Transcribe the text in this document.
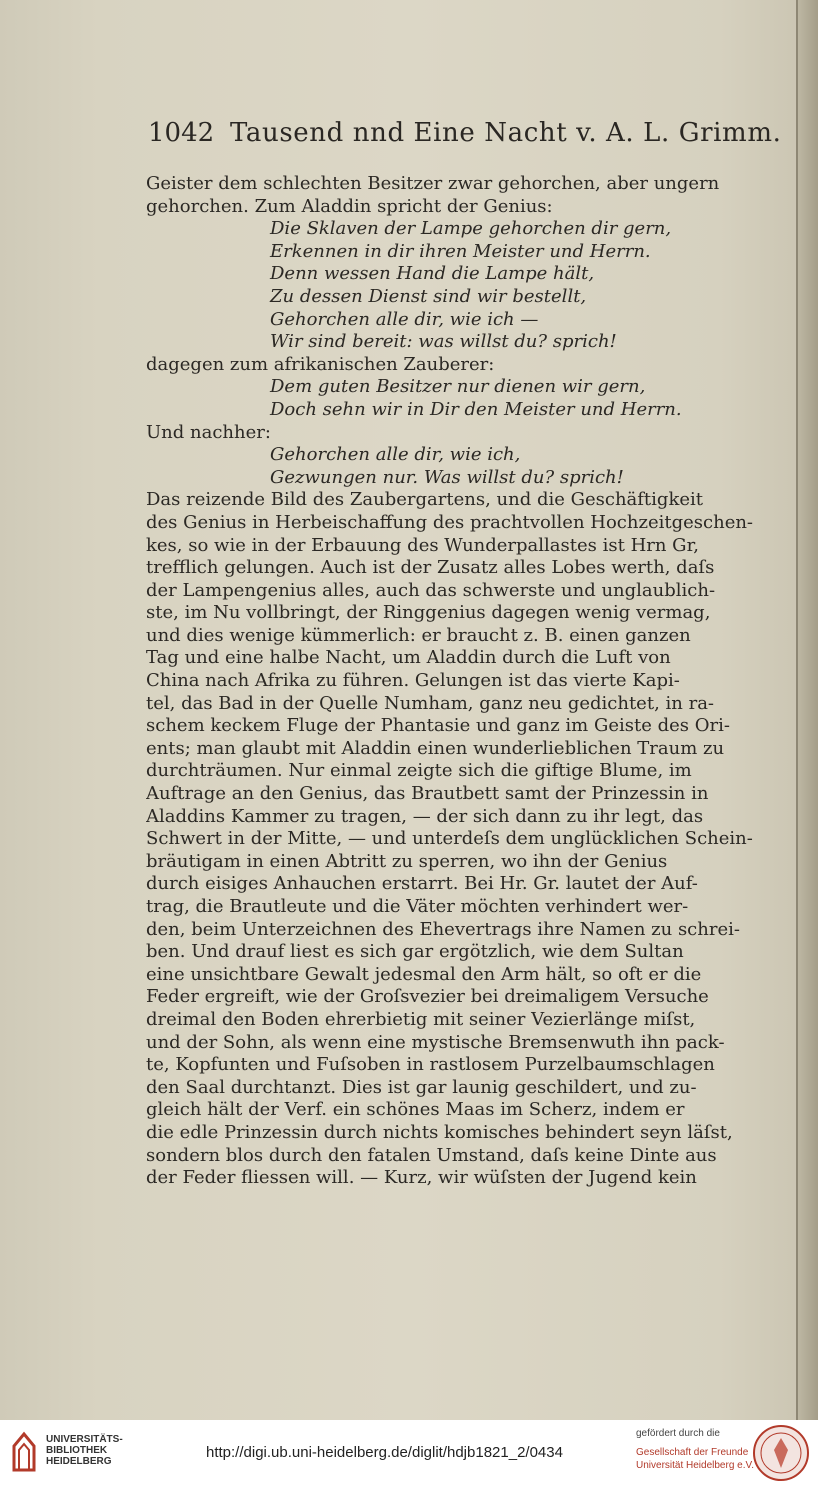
1042 Tausend nnd Eine Nacht v. A. L. Grimm.
Geister dem schlechten Besitzer zwar gehorchen, aber ungern
gehorchen. Zum Aladdin spricht der Genius:
Die Sklaven der Lampe gehorchen dir gern,
Erkennen in dir ihren Meister und Herrn.
Denn wessen Hand die Lampe hält,
Zu dessen Dienst sind wir bestellt,
Gehorchen alle dir, wie ich —
Wir sind bereit: was willst du? sprich!
dagegen zum afrikanischen Zauberer:
Dem guten Besitzer nur dienen wir gern,
Doch sehn wir in Dir den Meister und Herrn.
Und nachher:
Gehorchen alle dir, wie ich,
Gezwungen nur. Was willst du? sprich!
Das reizende Bild des Zaubergartens, und die Geschäftigkeit
des Genius in Herbeischaffung des prachtvollen Hochzeitgeschen-
kes, so wie in der Erbauung des Wunderpallastes ist Hrn Gr,
trefflich gelungen. Auch ist der Zusatz alles Lobes werth, daſs
der Lampengenius alles, auch das schwerste und unglaublich-
ste, im Nu vollbringt, der Ringgenius dagegen wenig vermag,
und dies wenige kümmerlich: er braucht z. B. einen ganzen
Tag und eine halbe Nacht, um Aladdin durch die Luft von
China nach Afrika zu führen. Gelungen ist das vierte Kapi-
tel, das Bad in der Quelle Numham, ganz neu gedichtet, in ra-
schem keckem Fluge der Phantasie und ganz im Geiste des Ori-
ents; man glaubt mit Aladdin einen wunderlieblichen Traum zu
durchträumen. Nur einmal zeigte sich die giftige Blume, im
Auftrage an den Genius, das Brautbett samt der Prinzessin in
Aladdins Kammer zu tragen, — der sich dann zu ihr legt, das
Schwert in der Mitte, — und unterdeſs dem unglücklichen Schein-
bräutigam in einen Abtritt zu sperren, wo ihn der Genius
durch eisiges Anhauchen erstarrt. Bei Hr. Gr. lautet der Auf-
trag, die Brautleute und die Väter möchten verhindert wer-
den, beim Unterzeichnen des Ehevertrags ihre Namen zu schrei-
ben. Und drauf liest es sich gar ergötzlich, wie dem Sultan
eine unsichtbare Gewalt jedesmal den Arm hält, so oft er die
Feder ergreift, wie der Groſsvezier bei dreimaligem Versuche
dreimal den Boden ehrerbietig mit seiner Vezierlänge miſst,
und der Sohn, als wenn eine mystische Bremsenwuth ihn pack-
te, Kopfunten und Fuſsoben in rastlosem Purzelbaumschlagen
den Saal durchtanzt. Dies ist gar launig geschildert, und zu-
gleich hält der Verf. ein schönes Maas im Scherz, indem er
die edle Prinzessin durch nichts komisches behindert seyn läſst,
sondern blos durch den fatalen Umstand, daſs keine Dinte aus
der Feder fliessen will. — Kurz, wir wüſsten der Jugend kein
UNIVERSITÄTS-
BIBLIOTHEK
HEIDELBERG
http://digi.ub.uni-heidelberg.de/diglit/hdjb1821_2/0434
gefördert durch die
Gesellschaft der Freunde
Universität Heidelberg e.V.
